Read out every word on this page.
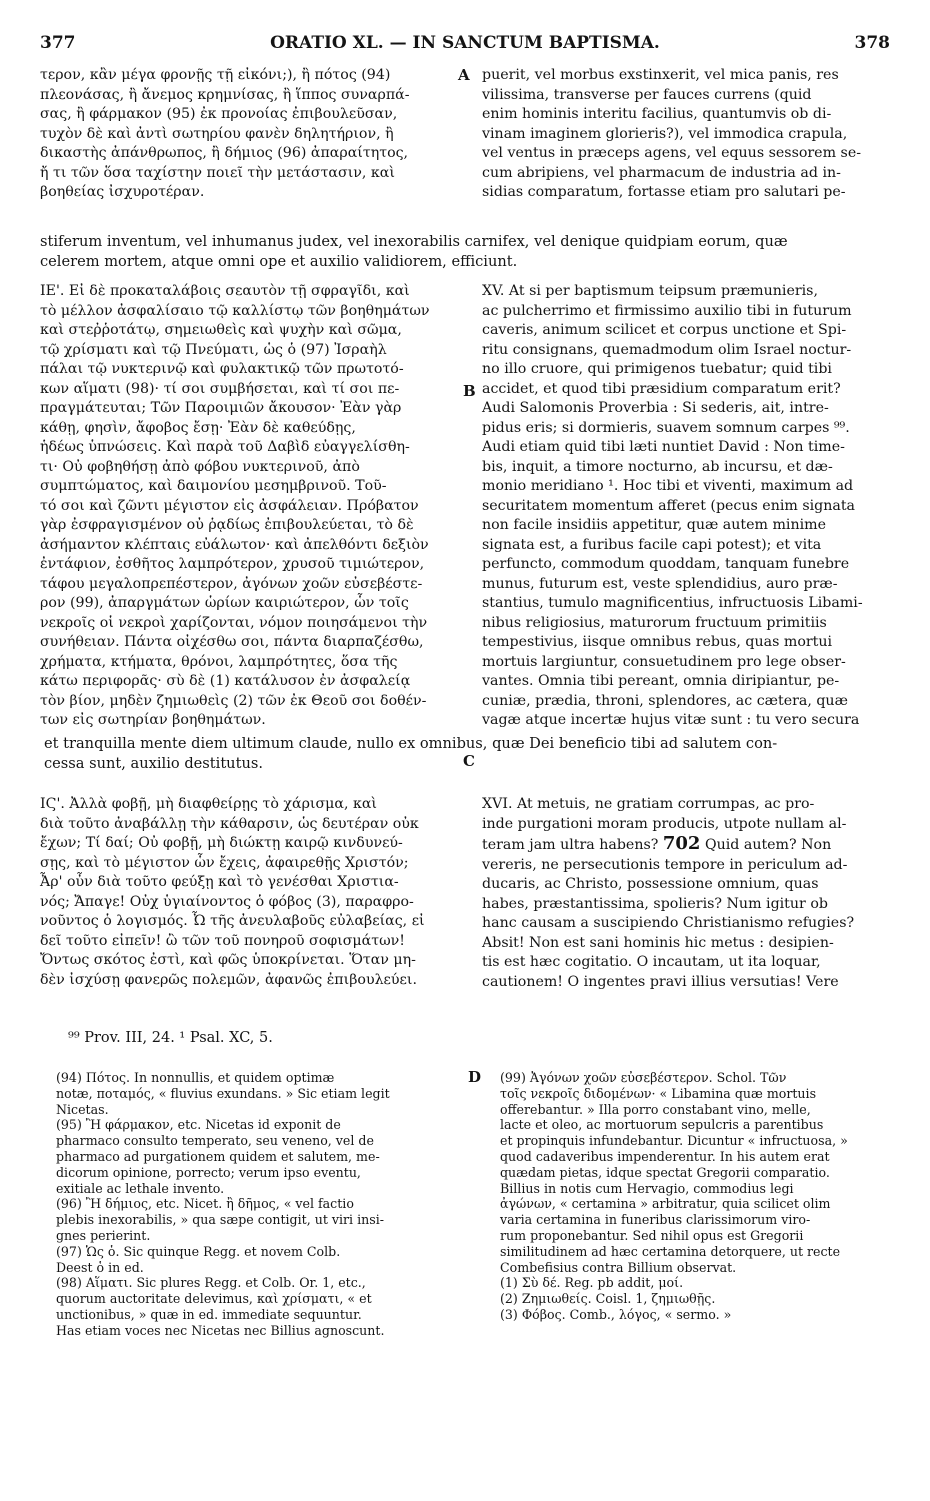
377	ORATIO XL. — IN SANCTUM BAPTISMA.	378
τερον, κἂν μέγα φρονῇς τῇ εἰκόνι;), ἢ πότος (94)
πλεονάσας, ἢ ἄνεμος κρημνίσας, ἢ ἵππος συναρπά-
σας, ἢ φάρμακον (95) ἐκ προνοίας ἐπιβουλεῦσαν,
τυχὸν δὲ καὶ ἀντὶ σωτηρίου φανὲν δηλητήριον, ἢ
δικαστὴς ἀπάνθρωπος, ἢ δήμιος (96) ἀπαραίτητος,
ἤ τι τῶν ὅσα ταχίστην ποιεῖ τὴν μετάστασιν, καὶ
βοηθείας ἰσχυροτέραν.
A puerit, vel morbus exstinxerit, vel mica panis, res
vilissima, transverse per fauces currens (quid
enim hominis interitu facilius, quantumvis ob di-
vinam imaginem glorieris?), vel immodica crapula,
vel ventus in præceps agens, vel equus sessorem se-
cum abripiens, vel pharmacum de industria ad in-
sidias comparatum, fortasse etiam pro salutari pe-
stiferum inventum, vel inhumanus judex, vel inexorabilis carnifex, vel denique quidpiam eorum, quæ
celerem mortem, atque omni ope et auxilio validiorem, efficiunt.
ΙΕ'. Εἰ δὲ προκαταλάβοις σεαυτὸν τῇ σφραγῖδι, καὶ
τὸ μέλλον ἀσφαλίσαιο τῷ καλλίστῳ τῶν βοηθημάτων
καὶ στεῤῥοτάτῳ, σημειωθεὶς καὶ ψυχὴν καὶ σῶμα,
τῷ χρίσματι καὶ τῷ Πνεύματι, ὡς ὁ (97) Ἰσραὴλ
πάλαι τῷ νυκτερινῷ καὶ φυλακτικῷ τῶν πρωτοτό-
κων αἵματι (98)· τί σοι συμβήσεται, καὶ τί σοι πε-
πραγμάτευται; Τῶν Παροιμιῶν ἄκουσον· Ἐὰν γὰρ
κάθῃ, φησὶν, ἄφοβος ἔσῃ· Ἐὰν δὲ καθεύδῃς,
ἡδέως ὑπνώσεις. Καὶ παρὰ τοῦ Δαβὶδ εὐαγγελίσθη-
τι· Οὐ φοβηθήσῃ ἀπὸ φόβου νυκτερινοῦ, ἀπὸ
συμπτώματος, καὶ δαιμονίου μεσημβρινοῦ. Τοῦ-
τό σοι καὶ ζῶντι μέγιστον εἰς ἀσφάλειαν. Πρόβατον
γὰρ ἐσφραγισμένον οὐ ῥᾳδίως ἐπιβουλεύεται, τὸ δὲ
ἀσήμαντον κλέπταις εὐάλωτον· καὶ ἀπελθόντι δεξιὸν
ἐντάφιον, ἐσθῆτος λαμπρότερον, χρυσοῦ τιμιώτερον,
τάφου μεγαλοπρεπέστερον, ἀγόνων χοῶν εὐσεβέστε-
ρον (99), ἀπαργμάτων ὡρίων καιριώτερον, ὧν τοῖς
νεκροῖς οἱ νεκροὶ χαρίζονται, νόμον ποιησάμενοι τὴν
συνήθειαν. Πάντα οἰχέσθω σοι, πάντα διαρπαζέσθω,
χρήματα, κτήματα, θρόνοι, λαμπρότητες, ὅσα τῆς
κάτω περιφορᾶς· σὺ δὲ (1) κατάλυσον ἐν ἀσφαλείᾳ
τὸν βίον, μηδὲν ζημιωθεὶς (2) τῶν ἐκ Θεοῦ σοι δοθέν-
των εἰς σωτηρίαν βοηθημάτων.
B
C
XV. At si per baptismum teipsum præmunieris,
ac pulcherrimo et firmissimo auxilio tibi in futurum
caveris, animum scilicet et corpus unctione et Spi-
ritu consignans, quemadmodum olim Israel noctur-
no illo cruore, qui primigenos tuebatur; quid tibi
accidet, et quod tibi præsidium comparatum erit?
Audi Salomonis Proverbia : Si sederis, ait, intre-
pidus eris; si dormieris, suavem somnum carpes ⁹⁹.
Audi etiam quid tibi læti nuntiet David : Non time-
bis, inquit, a timore nocturno, ab incursu, et dæ-
monio meridiano ¹. Hoc tibi et viventi, maximum ad
securitatem momentum afferet (pecus enim signata
non facile insidiis appetitur, quæ autem minime
signata est, a furibus facile capi potest); et vita
perfuncto, commodum quoddam, tanquam funebre
munus, futurum est, veste splendidius, auro præ-
stantius, tumulo magnificentius, infructuosis Libami-
nibus religiosius, maturorum fructuum primitiis
tempestivius, iisque omnibus rebus, quas mortui
mortuis largiuntur, consuetudinem pro lege obser-
vantes. Omnia tibi pereant, omnia diripiantur, pe-
cuniæ, prædia, throni, splendores, ac cætera, quæ
vagæ atque incertæ hujus vitæ sunt : tu vero secura
et tranquilla mente diem ultimum claude, nullo ex omnibus, quæ Dei beneficio tibi ad salutem con-
cessa sunt, auxilio destitutus.
ΙϚ'. Ἀλλὰ φοβῇ, μὴ διαφθείρῃς τὸ χάρισμα, καὶ
διὰ τοῦτο ἀναβάλλῃ τὴν κάθαρσιν, ὡς δευτέραν οὐκ
ἔχων; Τί δαί; Οὐ φοβῇ, μὴ διώκτῃ καιρῷ κινδυνεύ-
σῃς, καὶ τὸ μέγιστον ὧν ἔχεις, ἀφαιρεθῇς Χριστόν;
Ἆρ' οὖν διὰ τοῦτο φεύξῃ καὶ τὸ γενέσθαι Χριστια-
νός; Ἄπαγε! Οὐχ ὑγιαίνοντος ὁ φόβος (3), παραφρο-
νοῦντος ὁ λογισμός. Ὦ τῆς ἀνευλαβοῦς εὐλαβείας, εἰ
δεῖ τοῦτο εἰπεῖν! ὢ τῶν τοῦ πονηροῦ σοφισμάτων!
Ὄντως σκότος ἐστὶ, καὶ φῶς ὑποκρίνεται. Ὅταν μη-
δὲν ἰσχύσῃ φανερῶς πολεμῶν, ἀφανῶς ἐπιβουλεύει.
XVI. At metuis, ne gratiam corrumpas, ac pro-
inde purgationi moram producis, utpote nullam al-
teram jam ultra habens? 702 Quid autem? Non
vereris, ne persecutionis tempore in periculum ad-
ducaris, ac Christo, possessione omnium, quas
habes, præstantissima, spolieris? Num igitur ob
hanc causam a suscipiendo Christianismo refugies?
Absit! Non est sani hominis hic metus : desipien-
tis est hæc cogitatio. O incautam, ut ita loquar,
cautionem! O ingentes pravi illius versutias! Vere
⁹⁹ Prov. III, 24. ¹ Psal. XC, 5.
(94) Πότος. In nonnullis, et quidem optimæ
notæ, ποταμός, « fluvius exundans. » Sic etiam legit
Nicetas.
(95) Ἢ φάρμακον, etc. Nicetas id exponit de
pharmaco consulto temperato, seu veneno, vel de
pharmaco ad purgationem quidem et salutem, me-
dicorum opinione, porrecto; verum ipso eventu,
exitiale ac lethale invento.
(96) Ἢ δήμιος, etc. Nicet. ἢ δῆμος, « vel factio
plebis inexorabilis, » qua sæpe contigit, ut viri insi-
gnes perierint.
(97) Ὡς ὁ. Sic quinque Regg. et novem Colb.
Deest ὁ in ed.
(98) Αἵματι. Sic plures Regg. et Colb. Or. 1, etc.,
quorum auctoritate delevimus, καὶ χρίσματι, « et
unctionibus, » quæ in ed. immediate sequuntur.
Has etiam voces nec Nicetas nec Billius agnoscunt.
D (99) Ἀγόνων χοῶν εὐσεβέστερον. Schol. Τῶν
τοῖς νεκροῖς διδομένων· « Libamina quæ mortuis
offerebantur. » Illa porro constabant vino, melle,
lacte et oleo, ac mortuorum sepulcris a parentibus
et propinquis infundebantur. Dicuntur « infructuosa, »
quod cadaveribus impenderentur. In his autem erat
quædam pietas, idque spectat Gregorii comparatio.
Billius in notis cum Hervagio, commodius legi
ἀγώνων, « certamina » arbitratur, quia scilicet olim
varia certamina in funeribus clarissimorum viro-
rum proponebantur. Sed nihil opus est Gregorii
similitudinem ad hæc certamina detorquere, ut recte
Combefisius contra Billium observat.
(1) Σὺ δέ. Reg. pb addit, μοί.
(2) Ζημιωθείς. Coisl. 1, ζημιωθῇς.
(3) Φόβος. Comb., λόγος, « sermo. »
